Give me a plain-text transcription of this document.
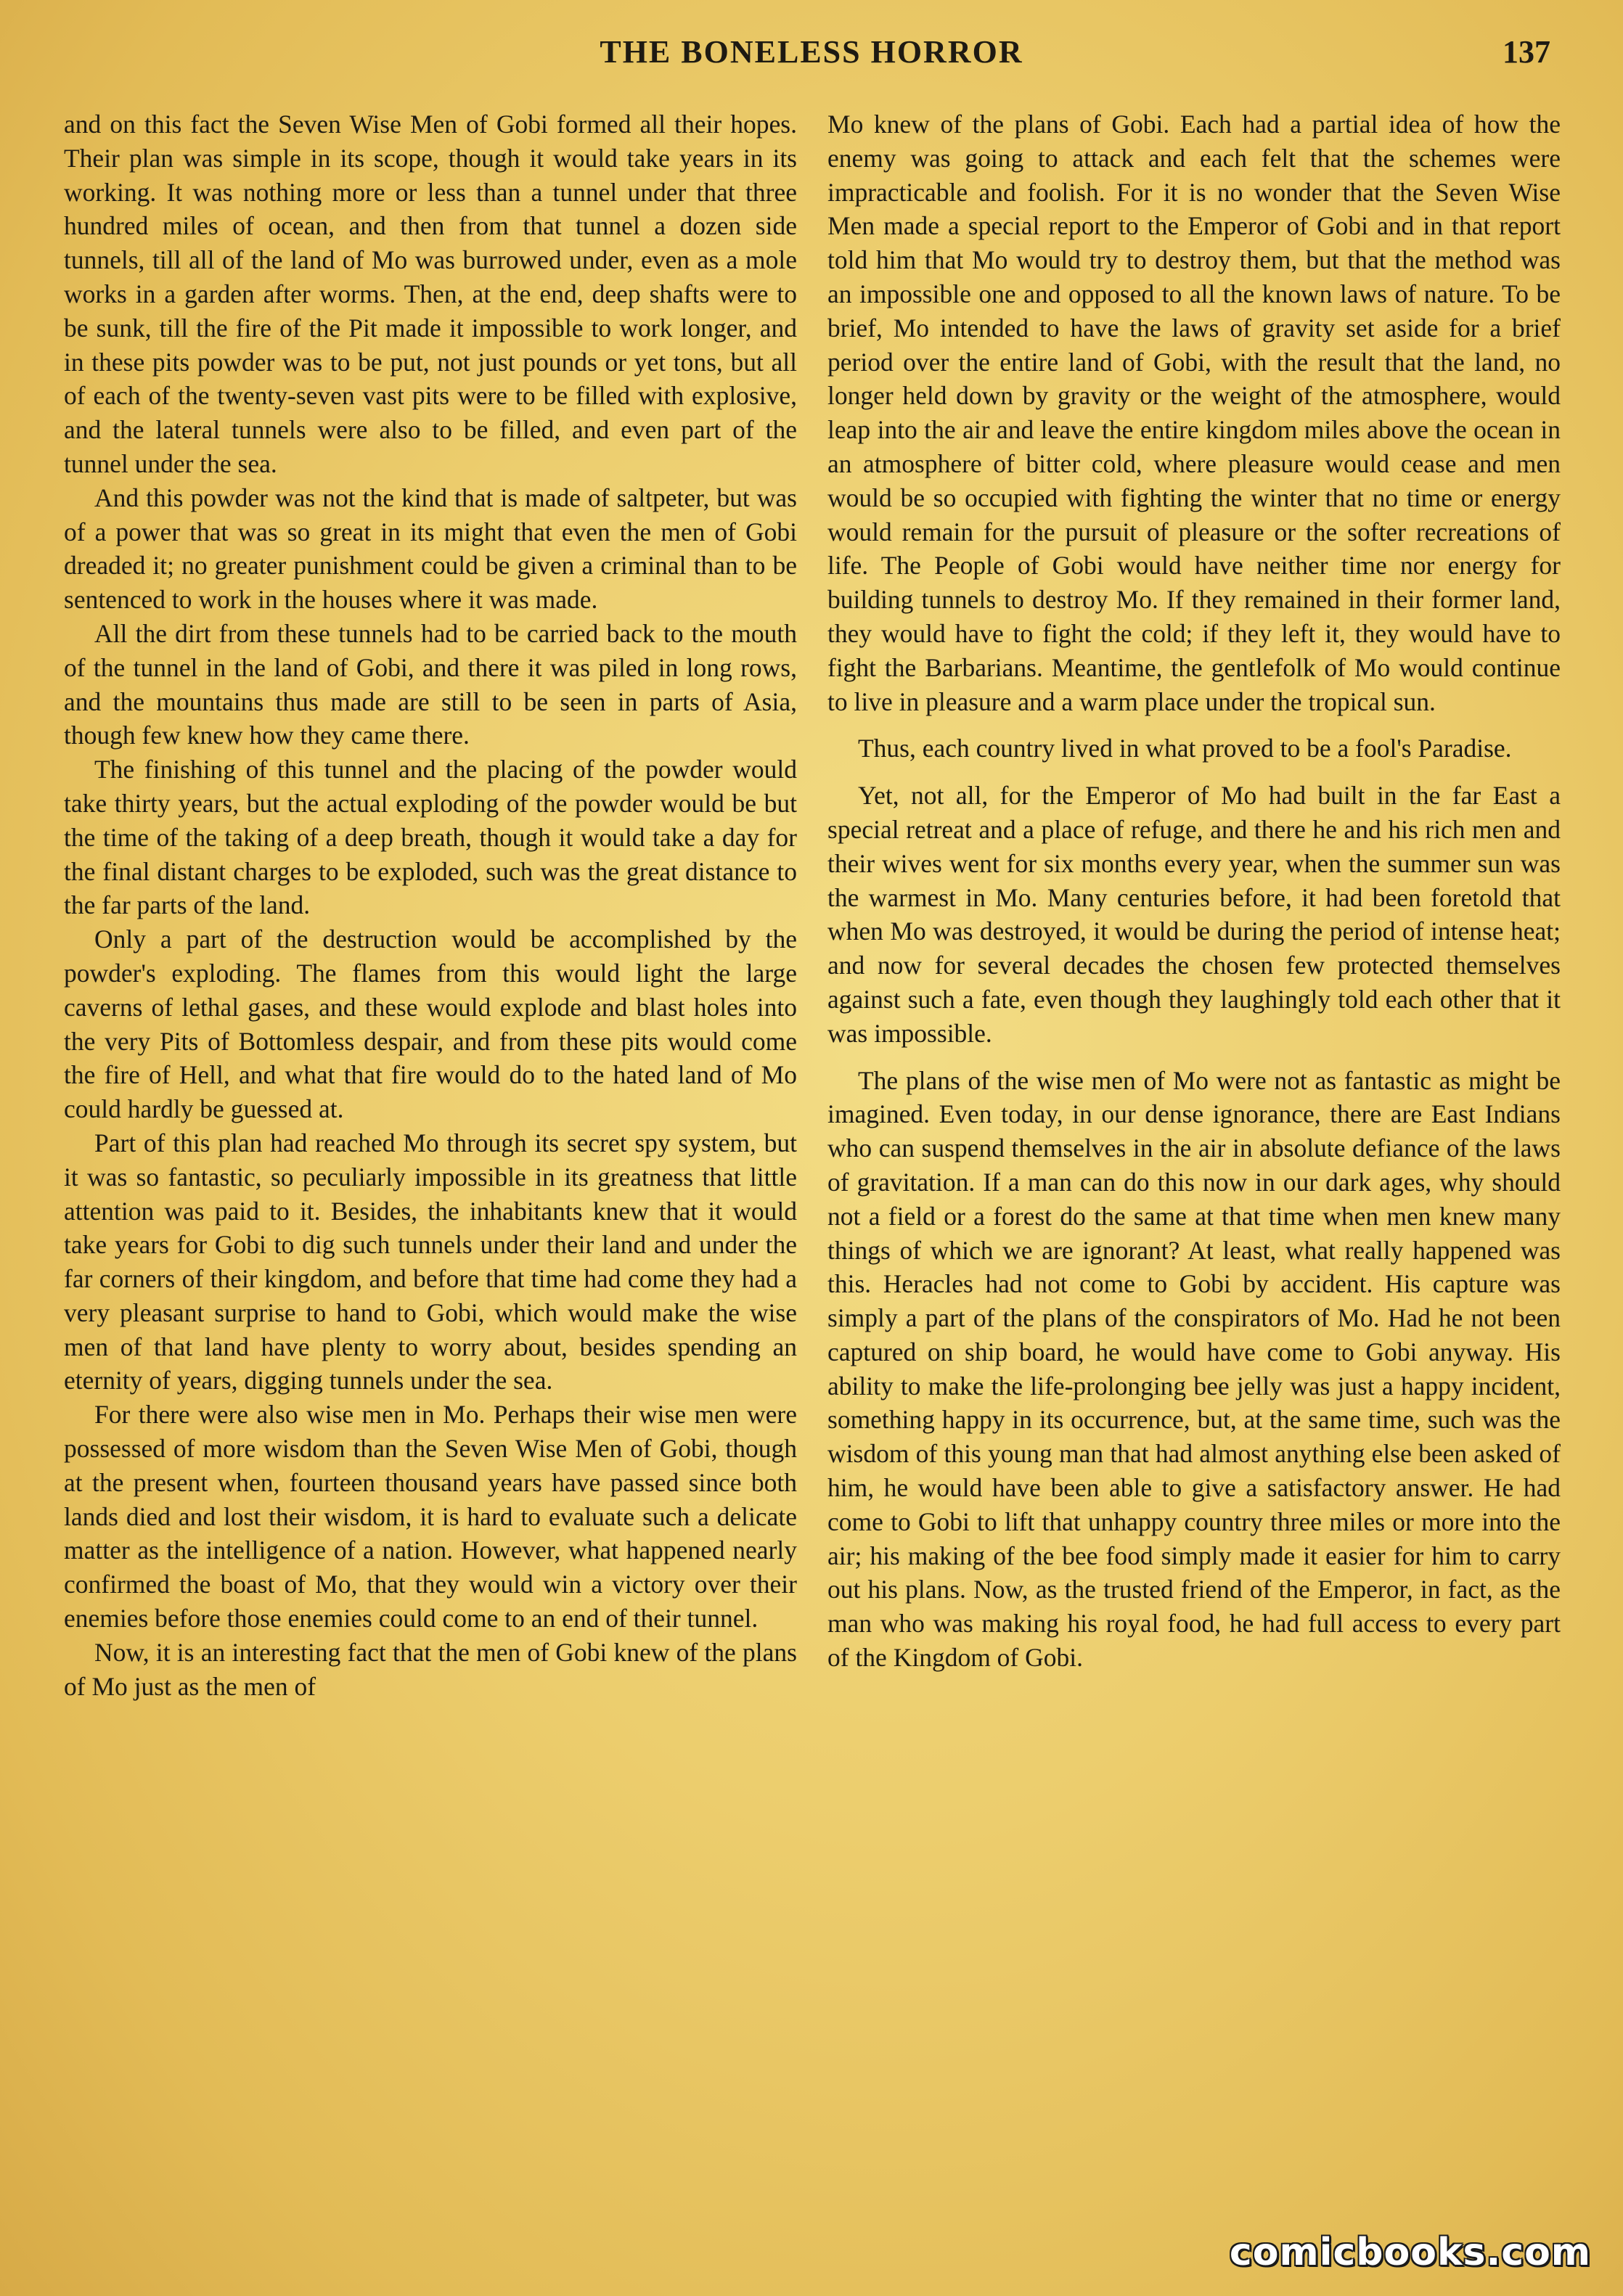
THE BONELESS HORROR	137

and on this fact the Seven Wise Men of Gobi formed all their hopes. Their plan was simple in its scope, though it would take years in its working. It was nothing more or less than a tunnel under that three hundred miles of ocean, and then from that tunnel a dozen side tunnels, till all of the land of Mo was burrowed under, even as a mole works in a garden after worms. Then, at the end, deep shafts were to be sunk, till the fire of the Pit made it impossible to work longer, and in these pits powder was to be put, not just pounds or yet tons, but all of each of the twenty-seven vast pits were to be filled with explosive, and the lateral tunnels were also to be filled, and even part of the tunnel under the sea.

And this powder was not the kind that is made of saltpeter, but was of a power that was so great in its might that even the men of Gobi dreaded it; no greater punishment could be given a criminal than to be sentenced to work in the houses where it was made.

All the dirt from these tunnels had to be carried back to the mouth of the tunnel in the land of Gobi, and there it was piled in long rows, and the mountains thus made are still to be seen in parts of Asia, though few knew how they came there.

The finishing of this tunnel and the placing of the powder would take thirty years, but the actual exploding of the powder would be but the time of the taking of a deep breath, though it would take a day for the final distant charges to be exploded, such was the great distance to the far parts of the land.

Only a part of the destruction would be accomplished by the powder's exploding. The flames from this would light the large caverns of lethal gases, and these would explode and blast holes into the very Pits of Bottomless despair, and from these pits would come the fire of Hell, and what that fire would do to the hated land of Mo could hardly be guessed at.

Part of this plan had reached Mo through its secret spy system, but it was so fantastic, so peculiarly impossible in its greatness that little attention was paid to it. Besides, the inhabitants knew that it would take years for Gobi to dig such tunnels under their land and under the far corners of their kingdom, and before that time had come they had a very pleasant surprise to hand to Gobi, which would make the wise men of that land have plenty to worry about, besides spending an eternity of years, digging tunnels under the sea.

For there were also wise men in Mo. Perhaps their wise men were possessed of more wisdom than the Seven Wise Men of Gobi, though at the present when, fourteen thousand years have passed since both lands died and lost their wisdom, it is hard to evaluate such a delicate matter as the intelligence of a nation. However, what happened nearly confirmed the boast of Mo, that they would win a victory over their enemies before those enemies could come to an end of their tunnel.

Now, it is an interesting fact that the men of Gobi knew of the plans of Mo just as the men of

Mo knew of the plans of Gobi. Each had a partial idea of how the enemy was going to attack and each felt that the schemes were impracticable and foolish. For it is no wonder that the Seven Wise Men made a special report to the Emperor of Gobi and in that report told him that Mo would try to destroy them, but that the method was an impossible one and opposed to all the known laws of nature. To be brief, Mo intended to have the laws of gravity set aside for a brief period over the entire land of Gobi, with the result that the land, no longer held down by gravity or the weight of the atmosphere, would leap into the air and leave the entire kingdom miles above the ocean in an atmosphere of bitter cold, where pleasure would cease and men would be so occupied with fighting the winter that no time or energy would remain for the pursuit of pleasure or the softer recreations of life. The People of Gobi would have neither time nor energy for building tunnels to destroy Mo. If they remained in their former land, they would have to fight the cold; if they left it, they would have to fight the Barbarians. Meantime, the gentlefolk of Mo would continue to live in pleasure and a warm place under the tropical sun.

Thus, each country lived in what proved to be a fool's Paradise.

Yet, not all, for the Emperor of Mo had built in the far East a special retreat and a place of refuge, and there he and his rich men and their wives went for six months every year, when the summer sun was the warmest in Mo. Many centuries before, it had been foretold that when Mo was destroyed, it would be during the period of intense heat; and now for several decades the chosen few protected themselves against such a fate, even though they laughingly told each other that it was impossible.

The plans of the wise men of Mo were not as fantastic as might be imagined. Even today, in our dense ignorance, there are East Indians who can suspend themselves in the air in absolute defiance of the laws of gravitation. If a man can do this now in our dark ages, why should not a field or a forest do the same at that time when men knew many things of which we are ignorant? At least, what really happened was this. Heracles had not come to Gobi by accident. His capture was simply a part of the plans of the conspirators of Mo. Had he not been captured on ship board, he would have come to Gobi anyway. His ability to make the life-prolonging bee jelly was just a happy incident, something happy in its occurrence, but, at the same time, such was the wisdom of this young man that had almost anything else been asked of him, he would have been able to give a satisfactory answer. He had come to Gobi to lift that unhappy country three miles or more into the air; his making of the bee food simply made it easier for him to carry out his plans. Now, as the trusted friend of the Emperor, in fact, as the man who was making his royal food, he had full access to every part of the Kingdom of Gobi.

comicbooks.com
